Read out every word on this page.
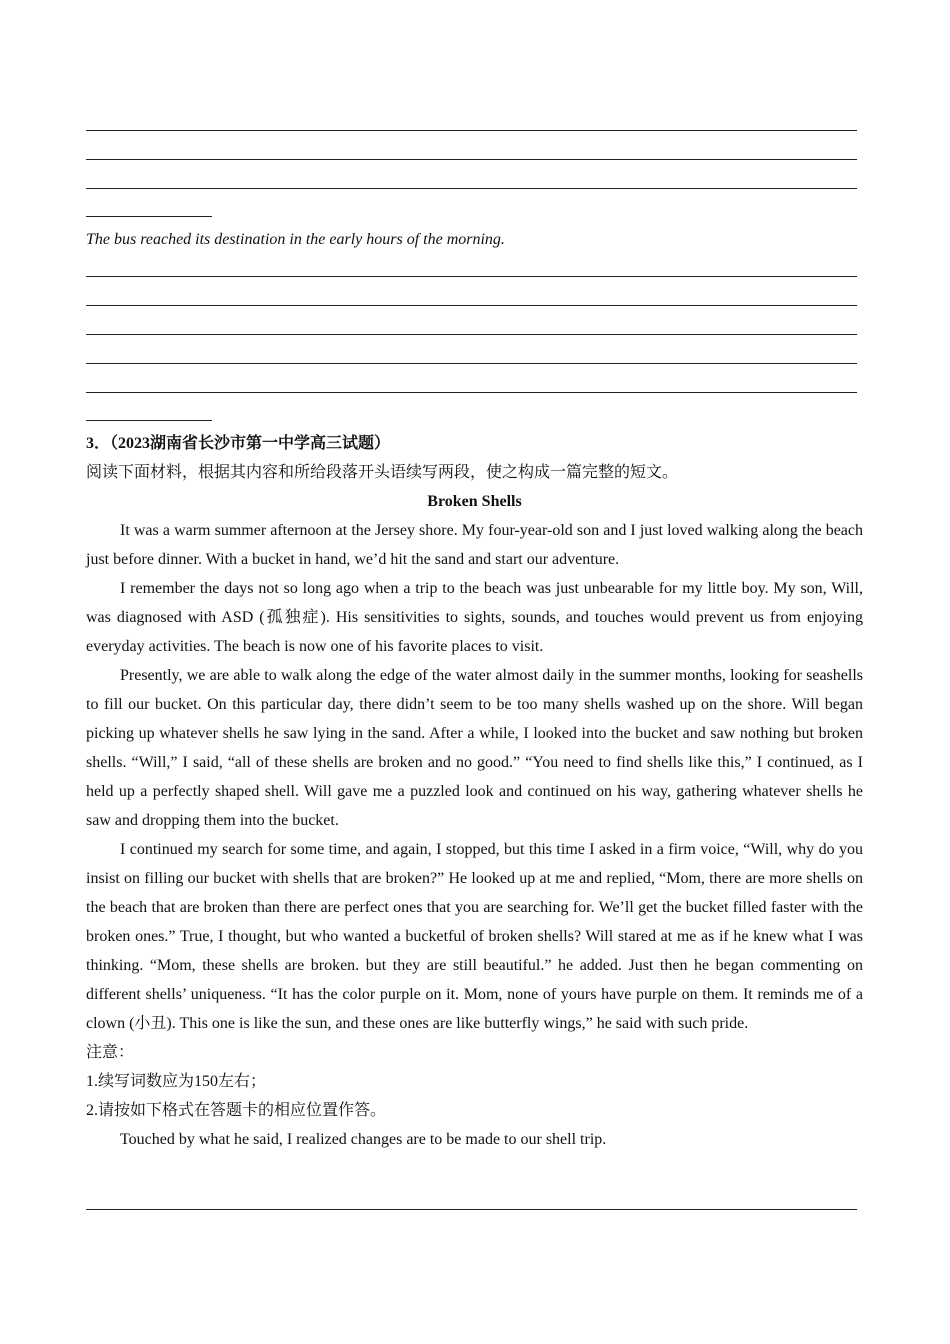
The bus reached its destination in the early hours of the morning.
3．（2023湖南省长沙市第一中学高三试题）
阅读下面材料，根据其内容和所给段落开头语续写两段，使之构成一篇完整的短文。
Broken Shells
It was a warm summer afternoon at the Jersey shore. My four-year-old son and I just loved walking along the beach just before dinner. With a bucket in hand, we’d hit the sand and start our adventure.
I remember the days not so long ago when a trip to the beach was just unbearable for my little boy. My son, Will, was diagnosed with ASD (孤独症). His sensitivities to sights, sounds, and touches would prevent us from enjoying everyday activities. The beach is now one of his favorite places to visit.
Presently, we are able to walk along the edge of the water almost daily in the summer months, looking for seashells to fill our bucket. On this particular day, there didn’t seem to be too many shells washed up on the shore. Will began picking up whatever shells he saw lying in the sand. After a while, I looked into the bucket and saw nothing but broken shells. “Will,” I said, “all of these shells are broken and no good.” “You need to find shells like this,” I continued, as I held up a perfectly shaped shell. Will gave me a puzzled look and continued on his way, gathering whatever shells he saw and dropping them into the bucket.
I continued my search for some time, and again, I stopped, but this time I asked in a firm voice, “Will, why do you insist on filling our bucket with shells that are broken?” He looked up at me and replied, “Mom, there are more shells on the beach that are broken than there are perfect ones that you are searching for. We’ll get the bucket filled faster with the broken ones.” True, I thought, but who wanted a bucketful of broken shells? Will stared at me as if he knew what I was thinking. “Mom, these shells are broken. but they are still beautiful.” he added. Just then he began commenting on different shells’ uniqueness. “It has the color purple on it. Mom, none of yours have purple on them. It reminds me of a clown (小丑). This one is like the sun, and these ones are like butterfly wings,” he said with such pride.
注意：
1.续写词数应为150左右；
2.请按如下格式在答题卡的相应位置作答。
Touched by what he said, I realized changes are to be made to our shell trip.
